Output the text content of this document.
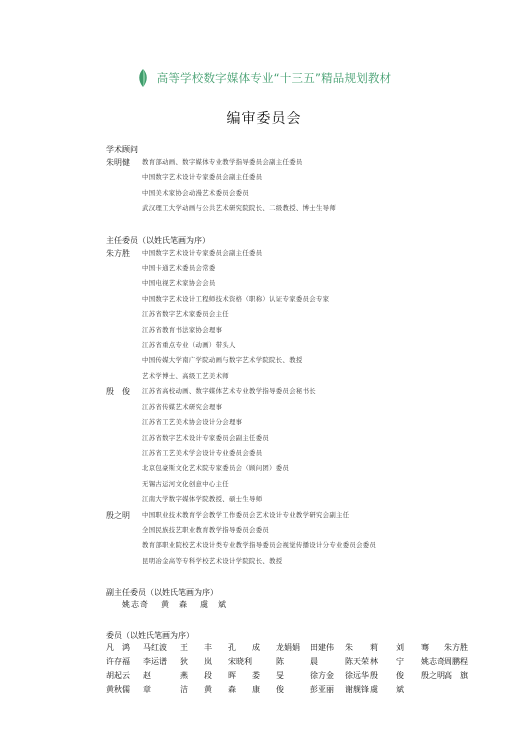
高等学校数字媒体专业“十三五”精品规划教材
编审委员会
学术顾问
朱明健	教育部动画、数字媒体专业教学指导委员会副主任委员
中国数字艺术设计专家委员会副主任委员
中国美术家协会动漫艺术委员会委员
武汉理工大学动画与公共艺术研究院院长、二级教授、博士生导师
主任委员（以姓氏笔画为序）
朱方胜	中国数字艺术设计专家委员会副主任委员
中国卡通艺术委员会常委
中国电视艺术家协会会员
中国数字艺术设计工程师技术资格（职称）认证专家委员会专家
江苏省数字艺术家委员会主任
江苏省教育书法家协会理事
江苏省重点专业（动画）带头人
中国传媒大学南广学院动画与数字艺术学院院长、教授
艺术学博士、高级工艺美术师
殷　俊	江苏省高校动画、数字媒体艺术专业教学指导委员会秘书长
江苏省传媒艺术研究会理事
江苏省工艺美术协会设计分会理事
江苏省数字艺术设计专家委员会副主任委员
江苏省工艺美术学会设计专业委员会委员
北京包豪斯文化艺术院专家委员会（顾问团）委员
无锡古运河文化创意中心主任
江南大学数字媒体学院教授、硕士生导师
殷之明	中国职业技术教育学会教学工作委员会艺术设计专业教学研究会副主任
全国民族技艺职业教育教学指导委员会委员
教育部职业院校艺术设计类专业教学指导委员会视觉传播设计分专业委员会委员
昆明冶金高等专科学校艺术设计学院院长、教授
副主任委员（以姓氏笔画为序）
姚志奇 黄　森 虞　斌
委员（以姓氏笔画为序）
凡　鸿	马红波	王	丰	孔	成	龙娟娟	田建伟	朱	莉	刘	骞	朱方胜
许存福	李运谱	狄	岚	宋晓利	陈	晨	陈天荣 林	宁	姚志奇 周鹏程
胡起云	赵	燕	段	晖	娄	旻	徐方金	徐远华 殷	俊	殷之明 高　旗
黄秋儒	章	洁	黄	森	康	俊	彭亚丽	谢舰锋 虞	斌
